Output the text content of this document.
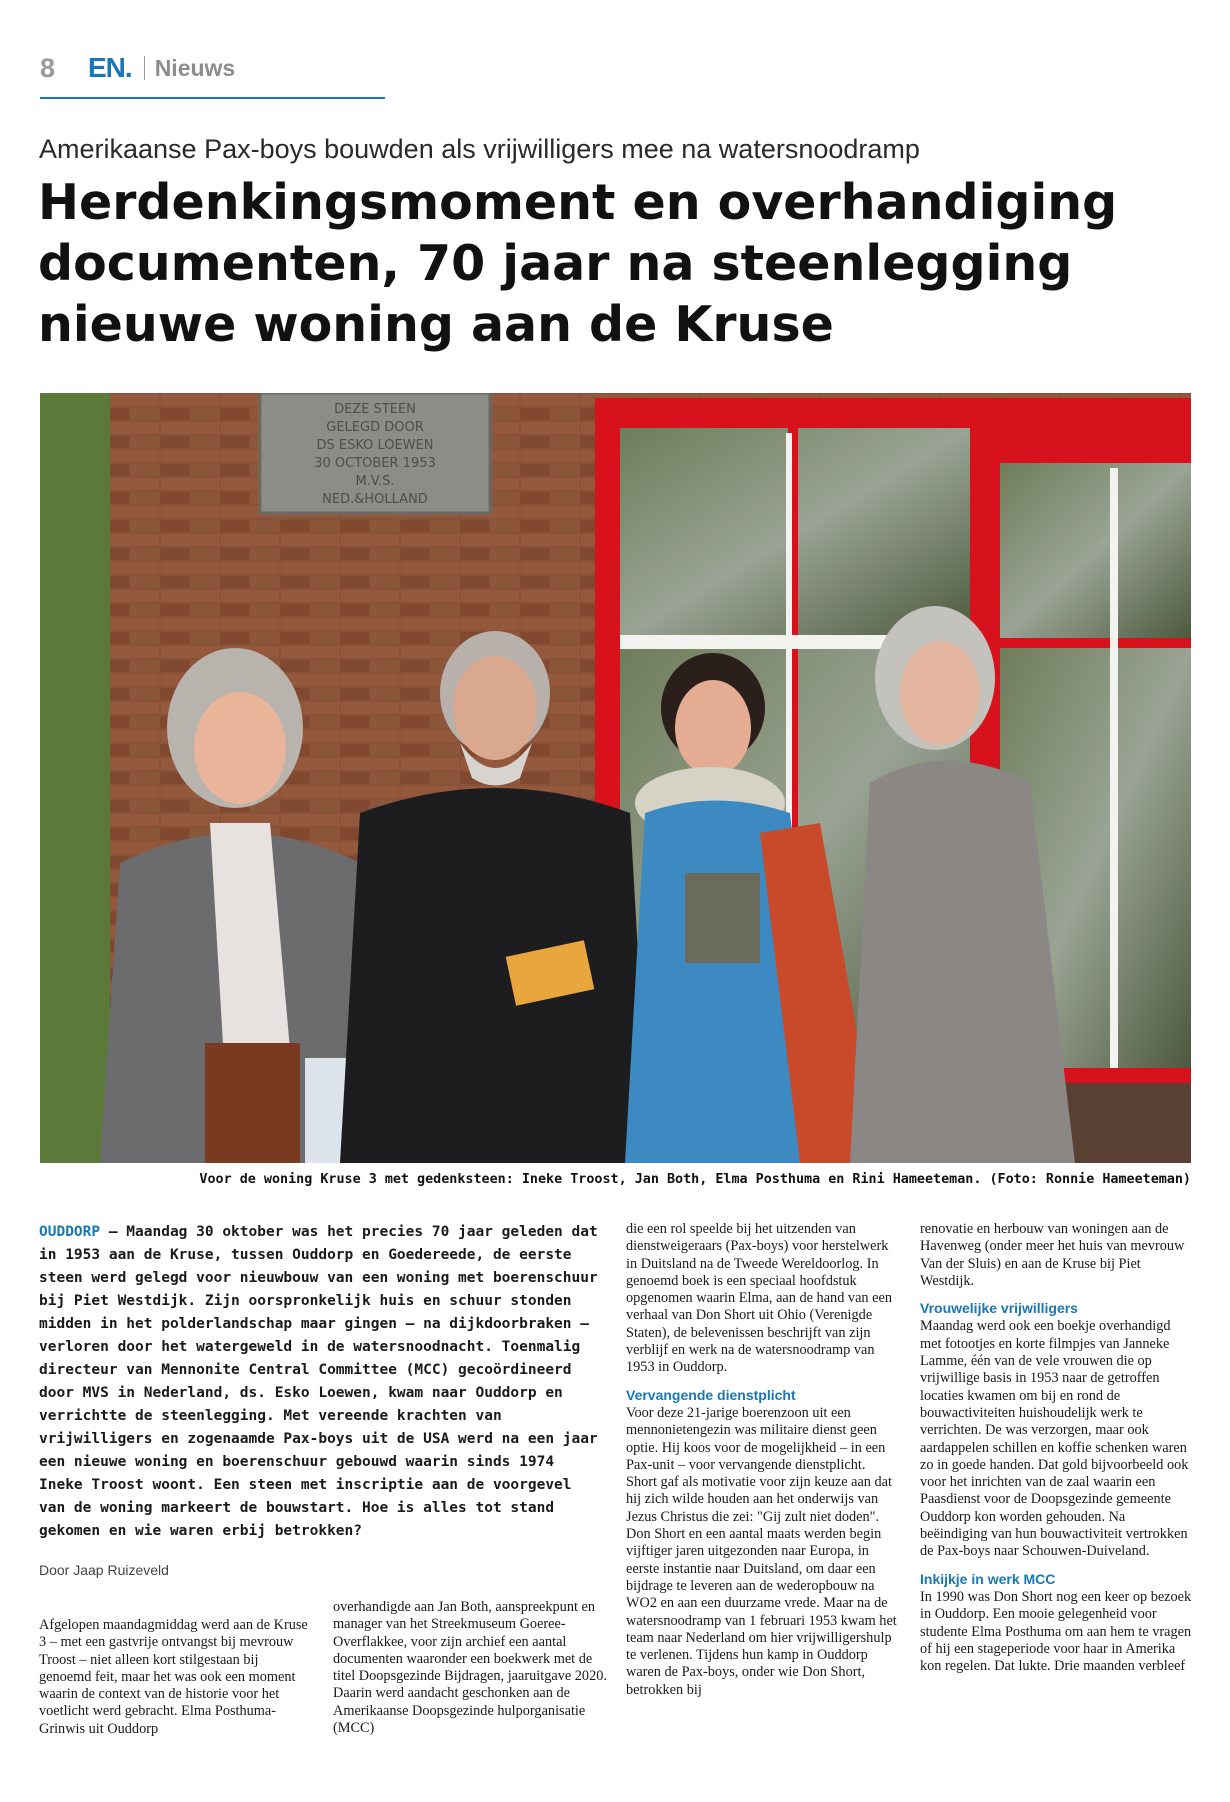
8	EN. Nieuws
Amerikaanse Pax-boys bouwden als vrijwilligers mee na watersnoodramp
Herdenkingsmoment en overhandiging documenten, 70 jaar na steenlegging nieuwe woning aan de Kruse
DEZE STEEN
GELEGD DOOR
DS ESKO LOEWEN
30 OCTOBER 1953
M.V.S.
NED.&HOLLAND
Voor de woning Kruse 3 met gedenksteen: Ineke Troost, Jan Both, Elma Posthuma en Rini Hameeteman. (Foto: Ronnie Hameeteman)
OUDDORP – Maandag 30 oktober was het precies 70 jaar geleden dat in 1953 aan de Kruse, tussen Ouddorp en Goedereede, de eerste steen werd gelegd voor nieuwbouw van een woning met boerenschuur bij Piet Westdijk. Zijn oorspronkelijk huis en schuur stonden midden in het polderlandschap maar gingen – na dijkdoorbraken – verloren door het watergeweld in de watersnoodnacht. Toenmalig directeur van Mennonite Central Committee (MCC) gecoördineerd door MVS in Nederland, ds. Esko Loewen, kwam naar Ouddorp en verrichtte de steenlegging. Met vereende krachten van vrijwilligers en zogenaamde Pax-boys uit de USA werd na een jaar een nieuwe woning en boerenschuur gebouwd waarin sinds 1974 Ineke Troost woont. Een steen met inscriptie aan de voorgevel van de woning markeert de bouwstart. Hoe is alles tot stand gekomen en wie waren erbij betrokken?
Door Jaap Ruizeveld

Afgelopen maandagmiddag werd aan de Kruse 3 – met een gastvrije ontvangst bij mevrouw Troost – niet alleen kort stilgestaan bij genoemd feit, maar het was ook een moment waarin de context van de historie voor het voetlicht werd gebracht. Elma Posthuma-Grinwis uit Ouddorp

overhandigde aan Jan Both, aanspreekpunt en manager van het Streekmuseum Goeree-Overflakkee, voor zijn archief een aantal documenten waaronder een boekwerk met de titel Doopsgezinde Bijdragen, jaaruitgave 2020. Daarin werd aandacht geschonken aan de Amerikaanse Doopsgezinde hulporganisatie (MCC)

die een rol speelde bij het uitzenden van dienstweigeraars (Pax-boys) voor herstelwerk in Duitsland na de Tweede Wereldoorlog. In genoemd boek is een speciaal hoofdstuk opgenomen waarin Elma, aan de hand van een verhaal van Don Short uit Ohio (Verenigde Staten), de belevenissen beschrijft van zijn verblijf en werk na de watersnoodramp van 1953 in Ouddorp.

Vervangende dienstplicht

Voor deze 21-jarige boerenzoon uit een mennonietengezin was militaire dienst geen optie. Hij koos voor de mogelijkheid – in een Pax-unit – voor vervangende dienstplicht. Short gaf als motivatie voor zijn keuze aan dat hij zich wilde houden aan het onderwijs van Jezus Christus die zei: "Gij zult niet doden". Don Short en een aantal maats werden begin vijftiger jaren uitgezonden naar Europa, in eerste instantie naar Duitsland, om daar een bijdrage te leveren aan de wederopbouw na WO2 en aan een duurzame vrede. Maar na de watersnoodramp van 1 februari 1953 kwam het team naar Nederland om hier vrijwilligershulp te verlenen. Tijdens hun kamp in Ouddorp waren de Pax-boys, onder wie Don Short, betrokken bij

renovatie en herbouw van woningen aan de Havenweg (onder meer het huis van mevrouw Van der Sluis) en aan de Kruse bij Piet Westdijk.

Vrouwelijke vrijwilligers

Maandag werd ook een boekje overhandigd met fotootjes en korte filmpjes van Janneke Lamme, één van de vele vrouwen die op vrijwillige basis in 1953 naar de getroffen locaties kwamen om bij en rond de bouwactiviteiten huishoudelijk werk te verrichten. De was verzorgen, maar ook aardappelen schillen en koffie schenken waren zo in goede handen. Dat gold bijvoorbeeld ook voor het inrichten van de zaal waarin een Paasdienst voor de Doopsgezinde gemeente Ouddorp kon worden gehouden. Na beëindiging van hun bouwactiviteit vertrokken de Pax-boys naar Schouwen-Duiveland.

Inkijkje in werk MCC

In 1990 was Don Short nog een keer op bezoek in Ouddorp. Een mooie gelegenheid voor studente Elma Posthuma om aan hem te vragen of hij een stageperiode voor haar in Amerika kon regelen. Dat lukte. Drie maanden verbleef
